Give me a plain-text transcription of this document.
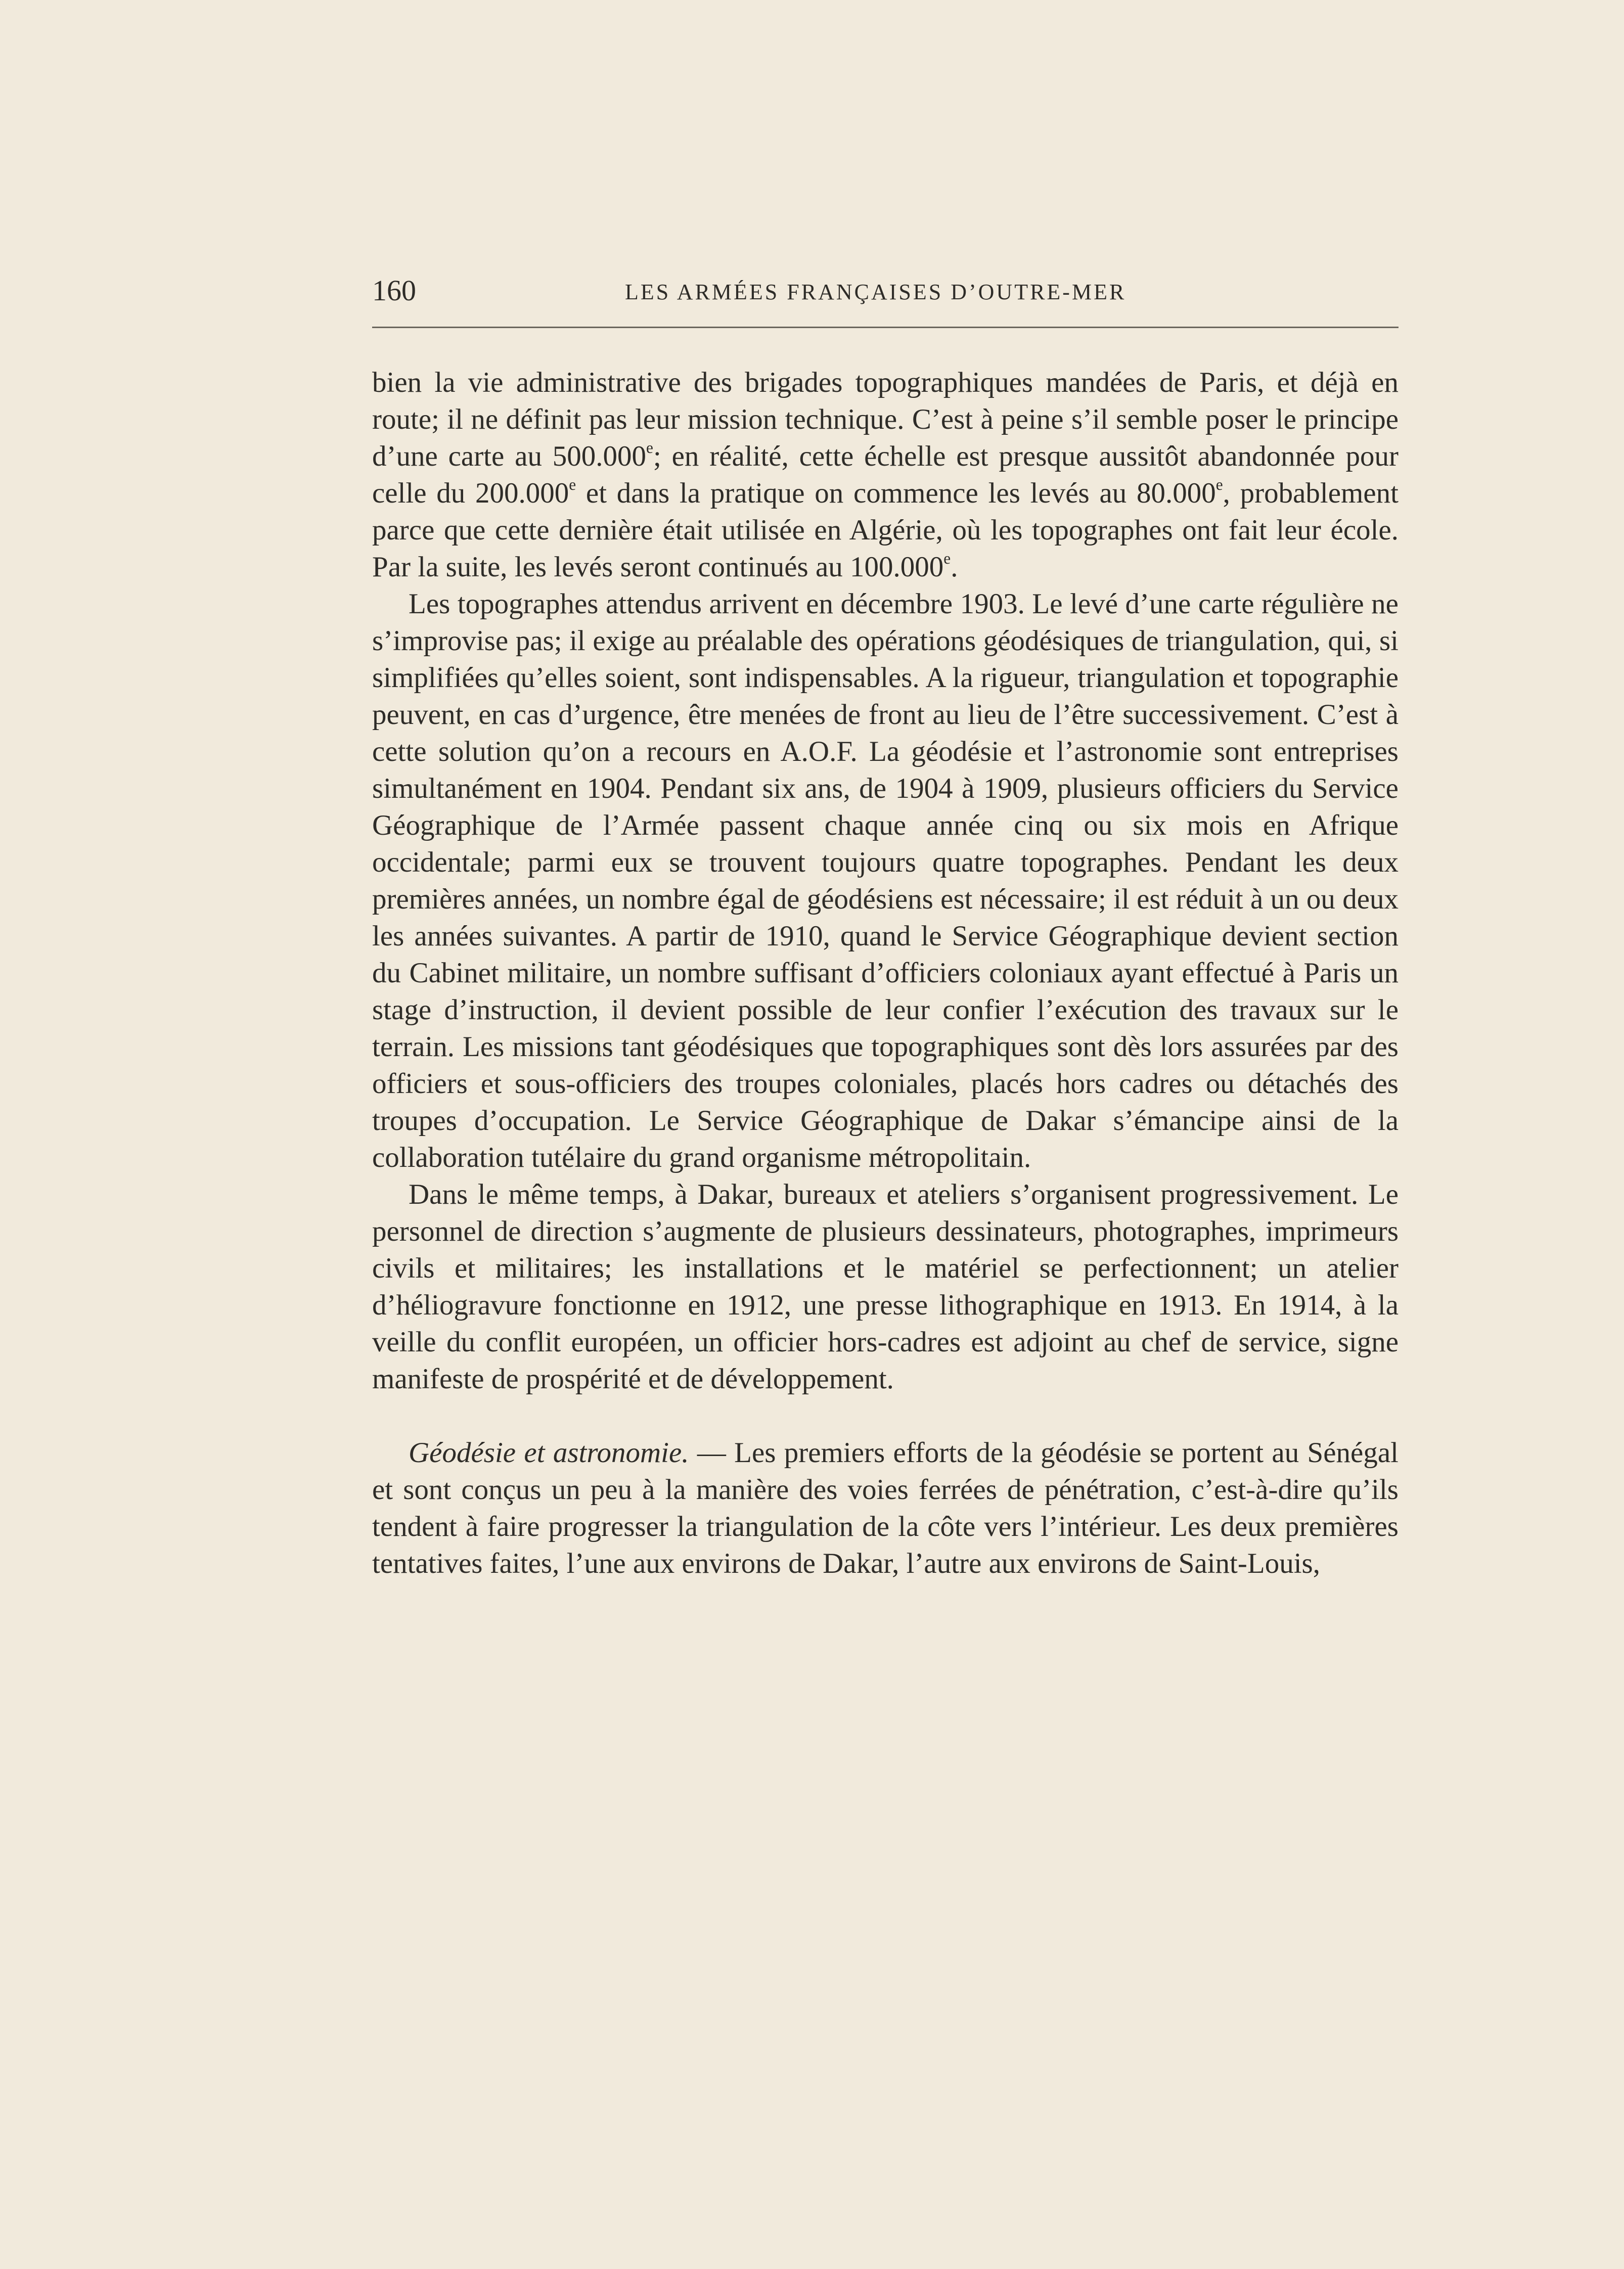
160	LES ARMÉES FRANÇAISES D’OUTRE-MER

bien la vie administrative des brigades topographiques mandées de Paris, et déjà en route; il ne définit pas leur mission technique. C’est à peine s’il semble poser le principe d’une carte au 500.000e; en réalité, cette échelle est presque aussitôt abandonnée pour celle du 200.000e et dans la pratique on commence les levés au 80.000e, probablement parce que cette dernière était utilisée en Algérie, où les topographes ont fait leur école. Par la suite, les levés seront continués au 100.000e.

Les topographes attendus arrivent en décembre 1903. Le levé d’une carte régulière ne s’improvise pas; il exige au préalable des opérations géodésiques de triangulation, qui, si simplifiées qu’elles soient, sont indispensables. A la rigueur, triangulation et topographie peuvent, en cas d’urgence, être menées de front au lieu de l’être successivement. C’est à cette solution qu’on a recours en A.O.F. La géodésie et l’astronomie sont entreprises simultanément en 1904. Pendant six ans, de 1904 à 1909, plusieurs officiers du Service Géographique de l’Armée passent chaque année cinq ou six mois en Afrique occidentale; parmi eux se trouvent toujours quatre topographes. Pendant les deux premières années, un nombre égal de géodésiens est nécessaire; il est réduit à un ou deux les années suivantes. A partir de 1910, quand le Service Géographique devient section du Cabinet militaire, un nombre suffisant d’officiers coloniaux ayant effectué à Paris un stage d’instruction, il devient possible de leur confier l’exécution des travaux sur le terrain. Les missions tant géodésiques que topographiques sont dès lors assurées par des officiers et sous-officiers des troupes coloniales, placés hors cadres ou détachés des troupes d’occupation. Le Service Géographique de Dakar s’émancipe ainsi de la collaboration tutélaire du grand organisme métropolitain.

Dans le même temps, à Dakar, bureaux et ateliers s’organisent progressivement. Le personnel de direction s’augmente de plusieurs dessinateurs, photographes, imprimeurs civils et militaires; les installations et le matériel se perfectionnent; un atelier d’héliogravure fonctionne en 1912, une presse lithographique en 1913. En 1914, à la veille du conflit européen, un officier hors-cadres est adjoint au chef de service, signe manifeste de prospérité et de développement.

Géodésie et astronomie. — Les premiers efforts de la géodésie se portent au Sénégal et sont conçus un peu à la manière des voies ferrées de pénétration, c’est-à-dire qu’ils tendent à faire progresser la triangulation de la côte vers l’intérieur. Les deux premières tentatives faites, l’une aux environs de Dakar, l’autre aux environs de Saint-Louis,
